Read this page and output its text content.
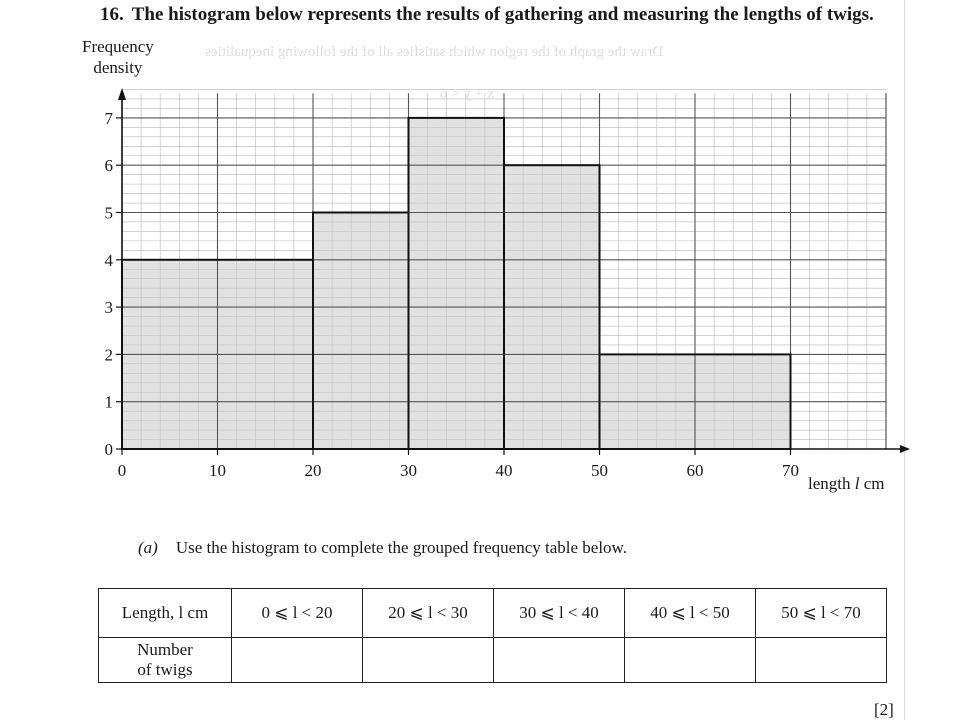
16. The histogram below represents the results of gathering and measuring the lengths of twigs.
Draw the graph of the region which satisfies all of the following inequalities
x + y < 6
Frequency
density
0	10	20	30	40	50	60	70
0
1
2
3
4
5
6
7
length l cm
(a) Use the histogram to complete the grouped frequency table below.
Length, l cm	0 ⩽ l < 20	20 ⩽ l < 30	30 ⩽ l < 40	40 ⩽ l < 50	50 ⩽ l < 70

Number
of twigs					

[2]
